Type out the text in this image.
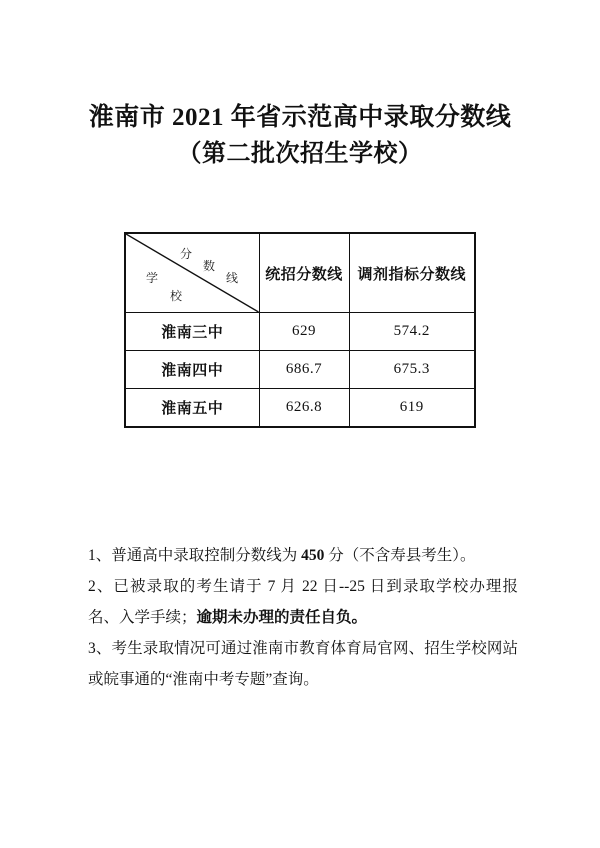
淮南市 2021 年省示范高中录取分数线
（第二批次招生学校）
分
数
线
学
校	统招分数线	调剂指标分数线
淮南三中	629	574.2
淮南四中	686.7	675.3
淮南五中	626.8	619

1、普通高中录取控制分数线为 450 分（不含寿县考生）。

2、已被录取的考生请于 7 月 22 日--25 日到录取学校办理报名、入学手续；逾期未办理的责任自负。

3、考生录取情况可通过淮南市教育体育局官网、招生学校网站或皖事通的“淮南中考专题”查询。
